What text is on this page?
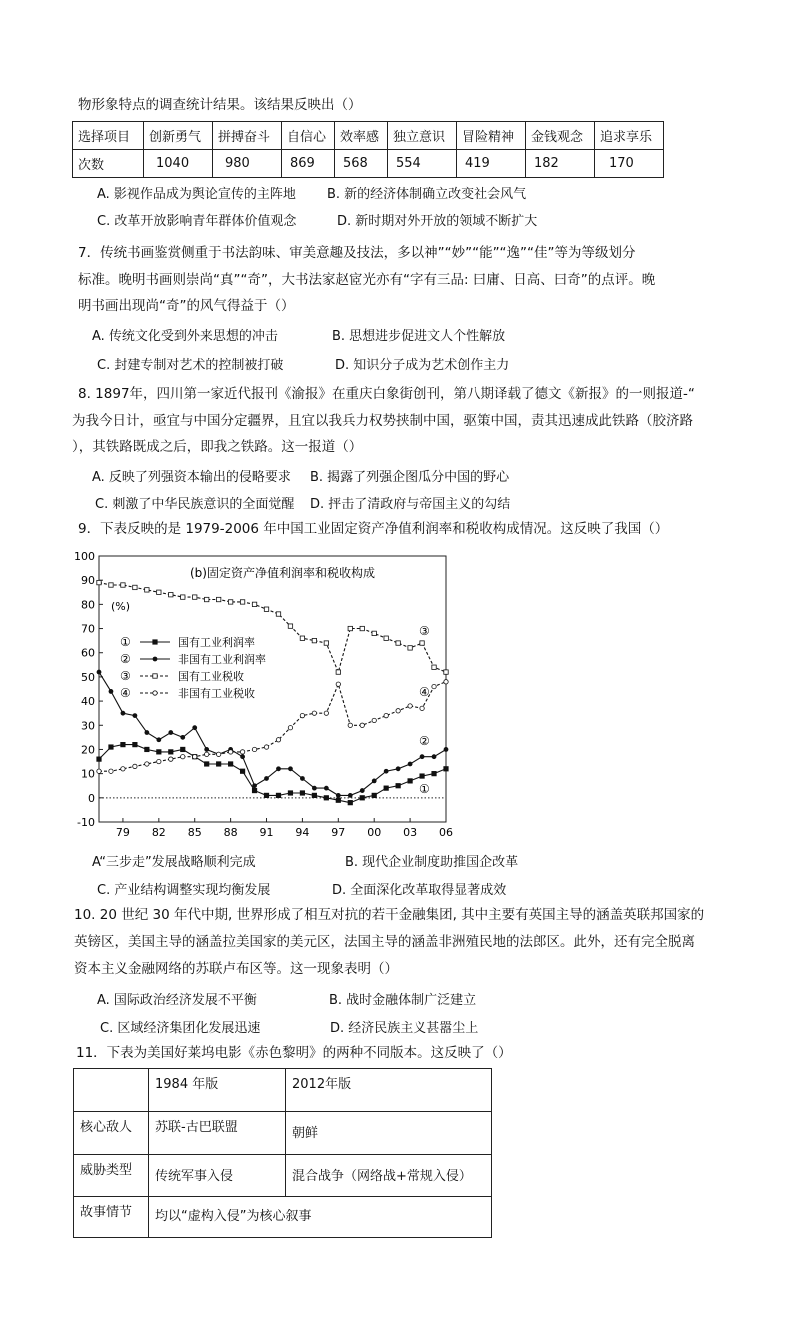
物形象特点的调查统计结果。该结果反映出（）
选择项目	创新勇气	拼搏奋斗	自信心	效率感	独立意识	冒险精神	金钱观念	追求享乐
次数	1040	980	869	568	554	419	182	170
A. 影视作品成为舆论宣传的主阵地 B. 新的经济体制确立改变社会风气
C. 改革开放影响青年群体价值观念	D. 新时期对外开放的领域不断扩大
7．传统书画鉴赏侧重于书法韵味、审美意趣及技法，多以神”“妙”“能”“逸”“佳”等为等级划分
标准。晚明书画则崇尚“真”“奇”，大书法家赵宧光亦有“字有三品: 曰庸、日高、曰奇”的点评。晚
明书画出现尚“奇”的风气得益于（）
A. 传统文化受到外来思想的冲击	B. 思想进步促进文人个性解放
C. 封建专制对艺术的控制被打破	D. 知识分子成为艺术创作主力
8. 1897年，四川第一家近代报刊《渝报》在重庆白象街创刊，第八期译载了德文《新报》的一则报道-“
为我今日计，亟宜与中国分定疆界，且宜以我兵力权势挟制中国，驱策中国，责其迅速成此铁路（胶济路
），其铁路既成之后，即我之铁路。这一报道（）
A. 反映了列强资本输出的侵略要求 B. 揭露了列强企图瓜分中国的野心
C. 刺激了中华民族意识的全面觉醒 D. 抨击了清政府与帝国主义的勾结
9．下表反映的是 1979-2006 年中国工业固定资产净值利润率和税收构成情况。这反映了我国（）
-10
0
10
20
30
40
50
60
70
80
90
100
79 82 85 88 91 94 97 00 03 06
(b)固定资产净值利润率和税收构成
(%)
①	国有工业利润率
②	非国有工业利润率
③	国有工业税收
④	非国有工业税收
①
②
③
④
A“三步走”发展战略顺利完成	B. 现代企业制度助推国企改革
C. 产业结构调整实现均衡发展	D. 全面深化改革取得显著成效
10. 20 世纪 30 年代中期, 世界形成了相互对抗的若干金融集团, 其中主要有英国主导的涵盖英联邦国家的
英镑区，美国主导的涵盖拉美国家的美元区，法国主导的涵盖非洲殖民地的法郎区。此外，还有完全脱离
资本主义金融网络的苏联卢布区等。这一现象表明（）
A. 国际政治经济发展不平衡	B. 战时金融体制广泛建立
C. 区域经济集团化发展迅速	D. 经济民族主义甚嚣尘上
11．下表为美国好莱坞电影《赤色黎明》的两种不同版本。这反映了（）
	1984 年版	2012年版
核心敌人	苏联-古巴联盟	朝鲜
威胁类型	传统军事入侵	混合战争（网络战+常规入侵）
故事情节	均以“虚构入侵”为核心叙事	
